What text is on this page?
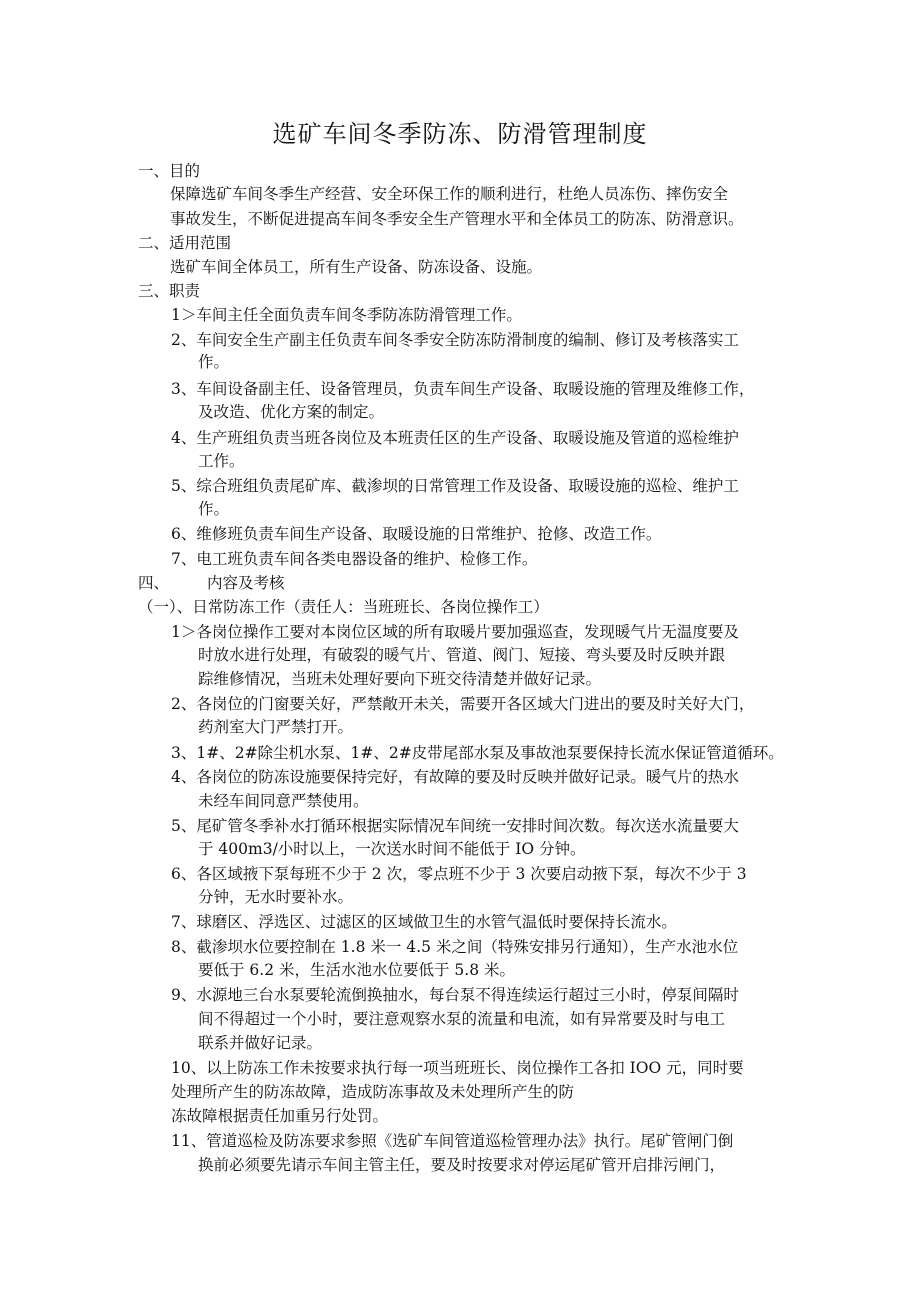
选矿车间冬季防冻、防滑管理制度
一、目的
保障选矿车间冬季生产经营、安全环保工作的顺利进行，杜绝人员冻伤、摔伤安全
事故发生，不断促进提高车间冬季安全生产管理水平和全体员工的防冻、防滑意识。
二、适用范围
选矿车间全体员工，所有生产设备、防冻设备、设施。
三、职责
1＞车间主任全面负责车间冬季防冻防滑管理工作。
2、车间安全生产副主任负责车间冬季安全防冻防滑制度的编制、修订及考核落实工
作。
3、车间设备副主任、设备管理员，负责车间生产设备、取暖设施的管理及维修工作，
及改造、优化方案的制定。
4、生产班组负责当班各岗位及本班责任区的生产设备、取暖设施及管道的巡检维护
工作。
5、综合班组负责尾矿库、截渗坝的日常管理工作及设备、取暖设施的巡检、维护工
作。
6、维修班负责车间生产设备、取暖设施的日常维护、抢修、改造工作。
7、电工班负责车间各类电器设备的维护、检修工作。
四、 内容及考核
（一）、日常防冻工作（责任人：当班班长、各岗位操作工）
1＞各岗位操作工要对本岗位区域的所有取暖片要加强巡查，发现暖气片无温度要及
时放水进行处理，有破裂的暖气片、管道、阀门、短接、弯头要及时反映并跟
踪维修情况，当班未处理好要向下班交待清楚并做好记录。
2、各岗位的门窗要关好，严禁敞开未关，需要开各区域大门进出的要及时关好大门，
药剂室大门严禁打开。
3、1#、2#除尘机水泵、1#、2#皮带尾部水泵及事故池泵要保持长流水保证管道循环。
4、各岗位的防冻设施要保持完好，有故障的要及时反映并做好记录。暖气片的热水
未经车间同意严禁使用。
5、尾矿管冬季补水打循环根据实际情况车间统一安排时间次数。每次送水流量要大
于 400m3/小时以上，一次送水时间不能低于 IO 分钟。
6、各区域掖下泵每班不少于 2 次，零点班不少于 3 次要启动掖下泵，每次不少于 3
分钟，无水时要补水。
7、球磨区、浮选区、过滤区的区域做卫生的水管气温低时要保持长流水。
8、截渗坝水位要控制在 1.8 米一 4.5 米之间（特殊安排另行通知），生产水池水位
要低于 6.2 米，生活水池水位要低于 5.8 米。
9、水源地三台水泵要轮流倒换抽水，每台泵不得连续运行超过三小时，停泵间隔时
间不得超过一个小时，要注意观察水泵的流量和电流，如有异常要及时与电工
联系并做好记录。
10、以上防冻工作未按要求执行每一项当班班长、岗位操作工各扣 IOO 元，同时要
处理所产生的防冻故障，造成防冻事故及未处理所产生的防
冻故障根据责任加重另行处罚。
11、管道巡检及防冻要求参照《选矿车间管道巡检管理办法》执行。尾矿管闸门倒
换前必须要先请示车间主管主任，要及时按要求对停运尾矿管开启排污闸门，
